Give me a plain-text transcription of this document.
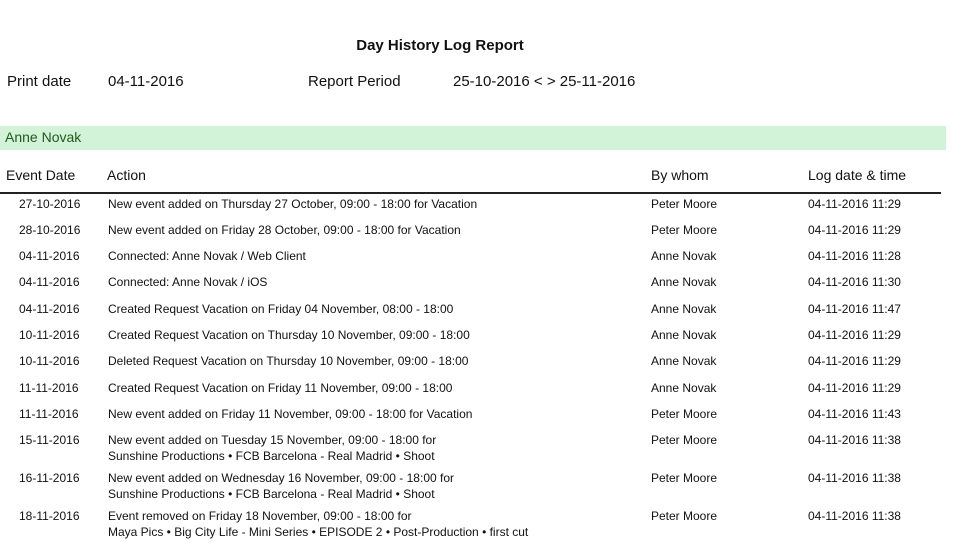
Day History Log Report
Print date 04-11-2016	Report Period	25-10-2016 < > 25-11-2016
Anne Novak
Event Date Action	By whom	Log date & time
27-10-2016 New event added on Thursday 27 October, 09:00 - 18:00 for Vacation	Peter Moore	04-11-2016 11:29
28-10-2016 New event added on Friday 28 October, 09:00 - 18:00 for Vacation	Peter Moore	04-11-2016 11:29
04-11-2016 Connected: Anne Novak / Web Client	Anne Novak	04-11-2016 11:28
04-11-2016 Connected: Anne Novak / iOS	Anne Novak	04-11-2016 11:30
04-11-2016 Created Request Vacation on Friday 04 November, 08:00 - 18:00	Anne Novak	04-11-2016 11:47
10-11-2016 Created Request Vacation on Thursday 10 November, 09:00 - 18:00	Anne Novak	04-11-2016 11:29
10-11-2016 Deleted Request Vacation on Thursday 10 November, 09:00 - 18:00	Anne Novak	04-11-2016 11:29
11-11-2016 Created Request Vacation on Friday 11 November, 09:00 - 18:00	Anne Novak	04-11-2016 11:29
11-11-2016 New event added on Friday 11 November, 09:00 - 18:00 for Vacation	Peter Moore	04-11-2016 11:43
15-11-2016 New event added on Tuesday 15 November, 09:00 - 18:00 for
Sunshine Productions • FCB Barcelona - Real Madrid • Shoot
Peter Moore	04-11-2016 11:38
16-11-2016 New event added on Wednesday 16 November, 09:00 - 18:00 for
Sunshine Productions • FCB Barcelona - Real Madrid • Shoot
Peter Moore	04-11-2016 11:38
18-11-2016 Event removed on Friday 18 November, 09:00 - 18:00 for
Maya Pics • Big City Life - Mini Series • EPISODE 2 • Post-Production • first cut
Peter Moore	04-11-2016 11:38
